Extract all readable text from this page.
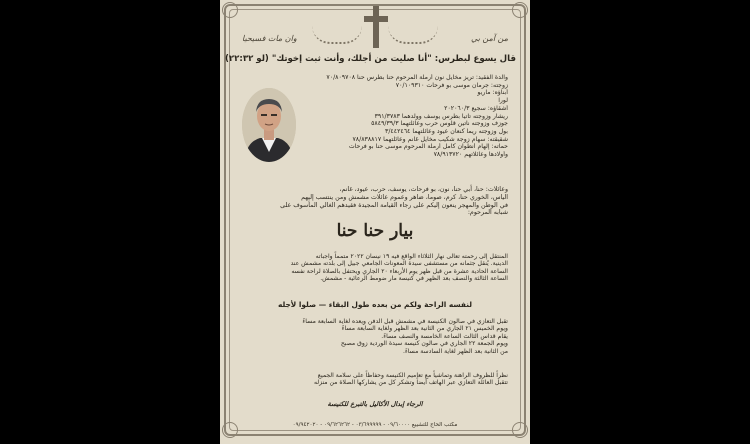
وان مات فسيحيا	من آمن بي
قال يسوع لبطرس: "أنا صليت من أجلك، وأنت ثبت إخوتك" (لو ٢٢:٣٢)
والدة الفقيد: تريز مخايل نون أرملة المرحوم حنا بطرس حنا ٧٠/٨٠٩٧٠٨
زوجته: جرمان موسى بو فرحات ٧٠/١٠٩٣١٠
أبناؤه: ماريو
لورا
أشقاؤه: سجيع ٢٠٢٠٦٠/٣
ريشار وزوجته تاتيا بطرس يوسف وولدهما ٣٩١/٣٧٨٣
جوزف وزوجته ناتين قلوس حرب وعائلتهما ٥٨٤٩/٣٩/٣
بول وزوجته ريما كنعان عيود وعائلتهما ٣/٤٤٢٤٦٤
شقيقته: سهام زوجة شكيب مخايل غانم وعائلتهما ٧٨/٨٣٨٨١٧
حماته: إلهام أنطوان كامل أرملة المرحوم موسى حنا بو فرحات
وأولادها وعائلاتهم ٧٨/٩١٣٧٢٠
وعائلات: حنا، أبي حنا، نون، بو فرحات، يوسف، حرب، عيود، غانم،
الياس، الخوري حنا، كرم، صوما، ضاهر وعموم عائلات مشمش ومن ينتسب إليهم
في الوطن والمهجر ينعون إليكم على رجاء القيامة المجيدة فقيدهم الغالي المأسوف على
شبابه المرحوم:
بيار حنا حنا
المنتقل إلى رحمته تعالى نهار الثلاثاء الواقع فيه ١٩ نيسان ٢٠٢٢ متمماً واجباته
الدينية. يُنقل جثمانه من مستشفى سيدة المعونات الجامعي جبيل إلى بلدته مشمش عند
الساعة الحادية عشرة من قبل ظهر يوم الأربعاء ٢٠ الجاري ويحتفل بالصلاة لراحة نفسه
الساعة الثالثة والنصف بعد الظهر في كنيسة مار ضومط الرعائية - مشمش.
لنفسه الراحة ولكم من بعده طول البقاء — صلوا لأجله
تقبل التعازي في صالون الكنيسة في مشمش قبل الدفن ويعده لغاية السابعة مساءً
ويوم الخميس ٢١ الجاري من الثانية بعد الظهر ولغاية السابعة مساءً
يقام قداس الثالث الساعة الخامسة والنصف مساءً.
ويوم الجمعة ٢٢ الجاري في صالون كنيسة سيدة الوردية زوق مصبح
من الثانية بعد الظهر لغاية السادسة مساءً.
نظراً للظروف الراهنة وتماشياً مع تعاميم الكنيسة وحفاظاً على سلامة الجميع
تتقبل العائلة التعازي عبر الهاتف أيضاً وتشكر كل من يشاركها الصلاة من منزله
الرجاء إبدال الأكاليل بالتبرع للكنيسة
مكتب الحاج للتشييع ٠٩/٦٠٠٠٠ - ٠٣/٦٩٩٩٩٩ - ٠٩/٦٢٦٢٦٢ - ٠٩/٩٤٢٠٢٠
